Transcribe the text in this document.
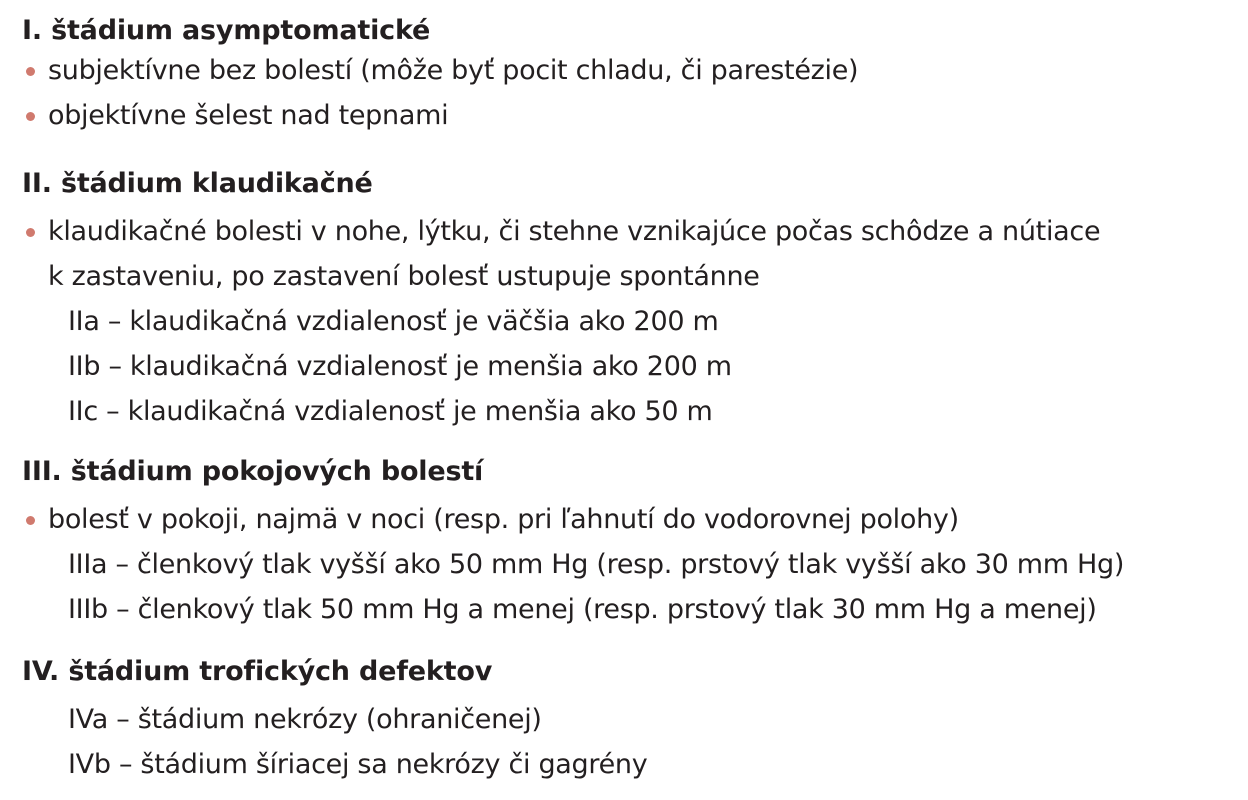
I. štádium asymptomatické
subjektívne bez bolestí (môže byť pocit chladu, či parestézie)
objektívne šelest nad tepnami
II. štádium klaudikačné
klaudikačné bolesti v nohe, lýtku, či stehne vznikajúce počas schôdze a nútiace
k zastaveniu, po zastavení bolesť ustupuje spontánne
IIa – klaudikačná vzdialenosť je väčšia ako 200 m
IIb – klaudikačná vzdialenosť je menšia ako 200 m
IIc – klaudikačná vzdialenosť je menšia ako 50 m
III. štádium pokojových bolestí
bolesť v pokoji, najmä v noci (resp. pri ľahnutí do vodorovnej polohy)
IIIa – členkový tlak vyšší ako 50 mm Hg (resp. prstový tlak vyšší ako 30 mm Hg)
IIIb – členkový tlak 50 mm Hg a menej (resp. prstový tlak 30 mm Hg a menej)
IV. štádium trofických defektov
IVa – štádium nekrózy (ohraničenej)
IVb – štádium šíriacej sa nekrózy či gagrény
